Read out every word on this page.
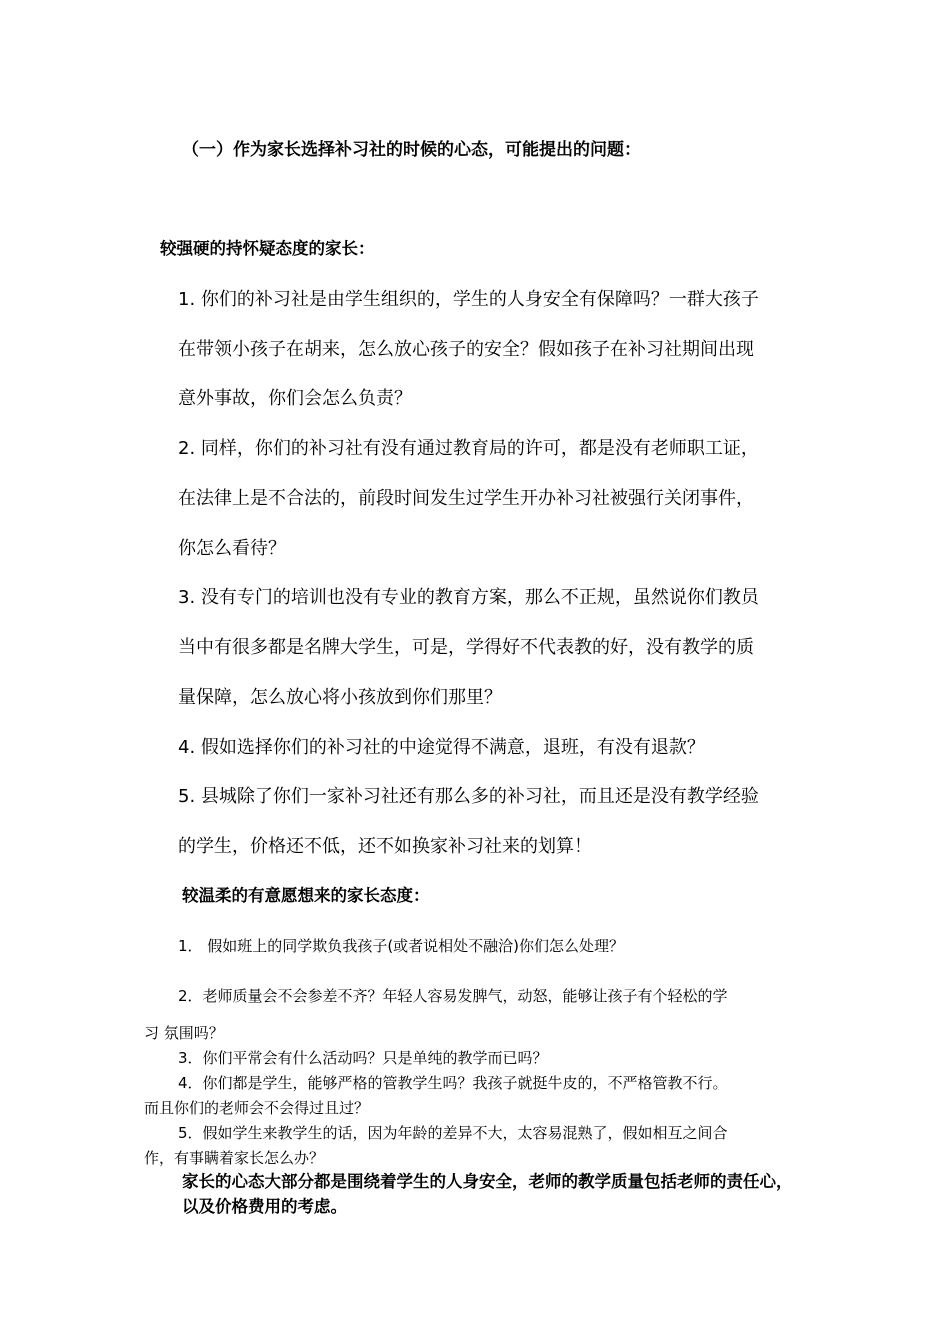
（一）作为家长选择补习社的时候的心态，可能提出的问题：
较强硬的持怀疑态度的家长：
1. 你们的补习社是由学生组织的，学生的人身安全有保障吗？一群大孩子
在带领小孩子在胡来，怎么放心孩子的安全？假如孩子在补习社期间出现
意外事故，你们会怎么负责？
2. 同样，你们的补习社有没有通过教育局的许可，都是没有老师职工证，
在法律上是不合法的，前段时间发生过学生开办补习社被强行关闭事件，
你怎么看待？
3. 没有专门的培训也没有专业的教育方案，那么不正规，虽然说你们教员
当中有很多都是名牌大学生，可是，学得好不代表教的好，没有教学的质
量保障，怎么放心将小孩放到你们那里？
4. 假如选择你们的补习社的中途觉得不满意，退班，有没有退款？
5. 县城除了你们一家补习社还有那么多的补习社，而且还是没有教学经验
的学生，价格还不低，还不如换家补习社来的划算！
较温柔的有意愿想来的家长态度：
1． 假如班上的同学欺负我孩子(或者说相处不融洽)你们怎么处理？
2．老师质量会不会参差不齐？年轻人容易发脾气，动怒，能够让孩子有个轻松的学
习 氛围吗？
3．你们平常会有什么活动吗？只是单纯的教学而已吗？
4．你们都是学生，能够严格的管教学生吗？我孩子就挺牛皮的，不严格管教不行。
而且你们的老师会不会得过且过？
5．假如学生来教学生的话，因为年龄的差异不大，太容易混熟了，假如相互之间合
作，有事瞒着家长怎么办？
家长的心态大部分都是围绕着学生的人身安全，老师的教学质量包括老师的责任心，
以及价格费用的考虑。
